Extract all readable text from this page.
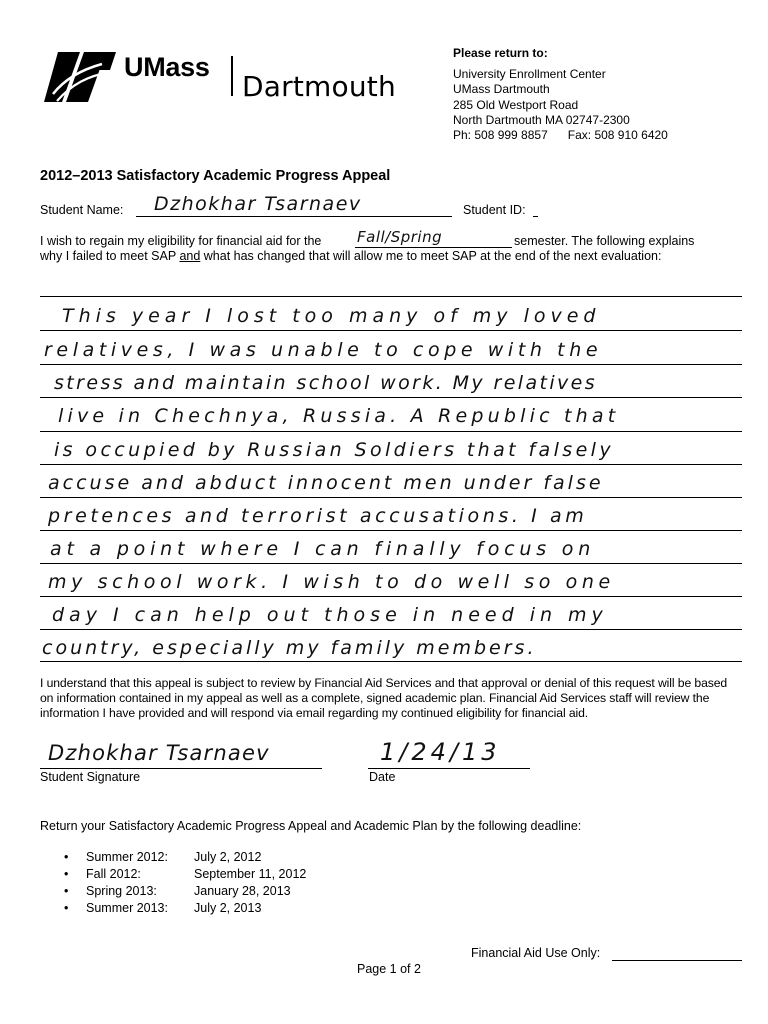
UMass
Dartmouth
Please return to:
University Enrollment Center
UMass Dartmouth
285 Old Westport Road
North Dartmouth MA 02747-2300
Ph: 508 999 8857 Fax: 508 910 6420
2012–2013 Satisfactory Academic Progress Appeal
Student Name: Dzhokhar Tsarnaev	Student ID:
I wish to regain my eligibility for financial aid for the Fall/Spring	semester. The following explains
why I failed to meet SAP and what has changed that will allow me to meet SAP at the end of the next evaluation:
This year I lost too many of my loved
relatives, I was unable to cope with the
stress and maintain school work. My relatives
live in Chechnya, Russia. A Republic that
is occupied by Russian Soldiers that falsely
accuse and abduct innocent men under false
pretences and terrorist accusations. I am
at a point where I can finally focus on
my school work. I wish to do well so one
day I can help out those in need in my
country, especially my family members.
I understand that this appeal is subject to review by Financial Aid Services and that approval or denial of this request will be based on information contained in my appeal as well as a complete, signed academic plan. Financial Aid Services staff will review the information I have provided and will respond via email regarding my continued eligibility for financial aid.
Dzhokhar Tsarnaev
Student Signature
1/24/13
Date
Return your Satisfactory Academic Progress Appeal and Academic Plan by the following deadline:
•	Summer 2012:	July 2, 2012
•	Fall 2012:	September 11, 2012
•	Spring 2013:	January 28, 2013
•	Summer 2013:	July 2, 2013
Financial Aid Use Only:
Page 1 of 2
